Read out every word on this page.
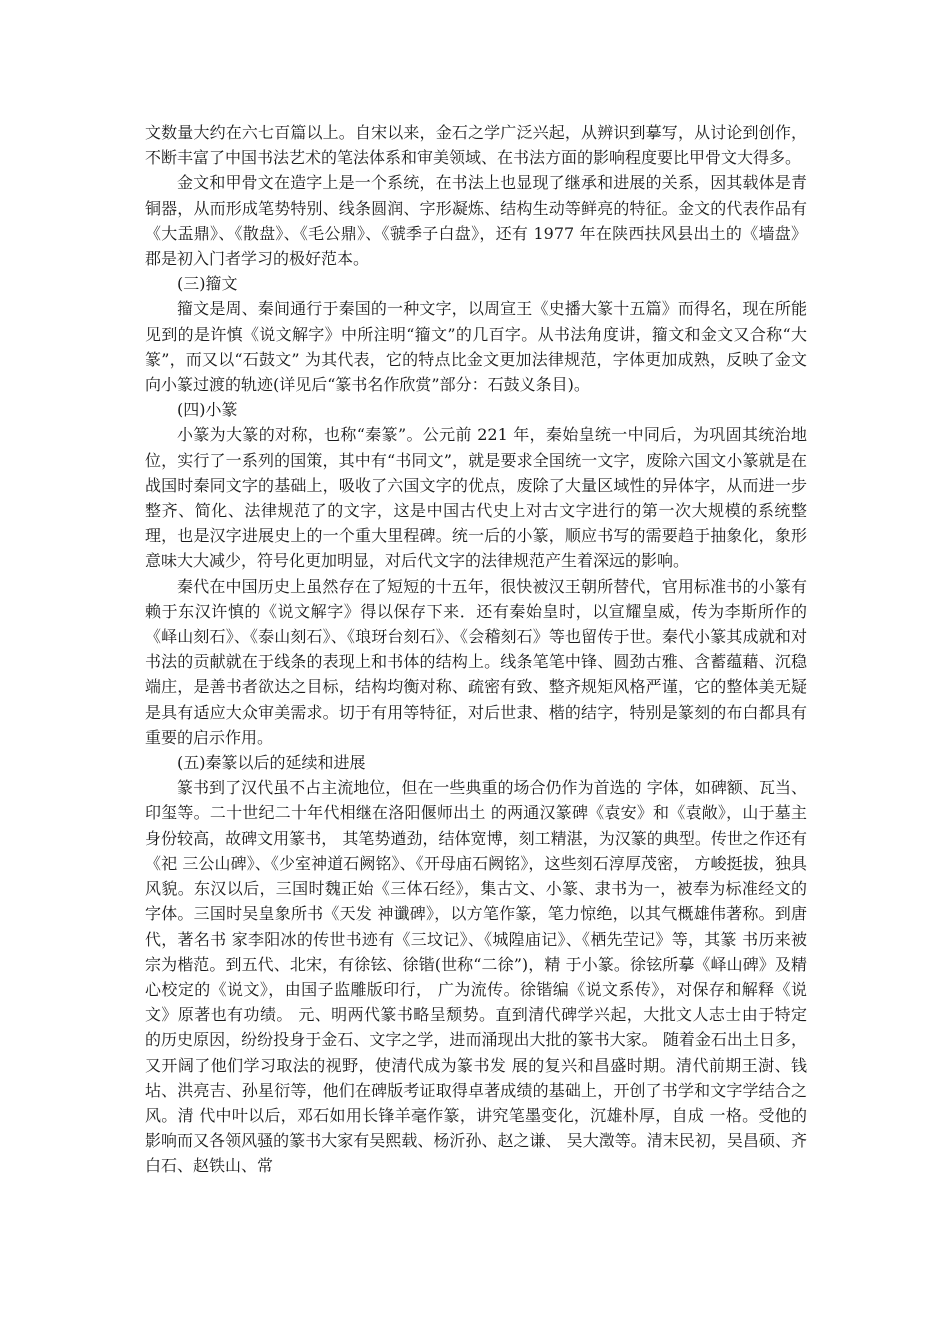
文数量大约在六七百篇以上。自宋以来，金石之学广泛兴起，从辨识到摹写，从讨论到创作，不断丰富了中国书法艺术的笔法体系和审美领域、在书法方面的影响程度要比甲骨文大得多。

金文和甲骨文在造字上是一个系统，在书法上也显现了继承和进展的关系，因其载体是青铜器，从而形成笔势特别、线条圆润、字形凝炼、结构生动等鲜亮的特征。金文的代表作品有《大盂鼎》、《散盘》、《毛公鼎》、《虢季子白盘》，还有 1977 年在陕西扶风县出土的《墙盘》郡是初入门者学习的极好范本。

(三)籀文

籀文是周、秦间通行于秦国的一种文字，以周宣王《史播大篆十五篇》而得名，现在所能见到的是许慎《说文解字》中所注明“籀文”的几百字。从书法角度讲，籀文和金文又合称“大篆”，而又以“石鼓文” 为其代表，它的特点比金文更加法律规范，字体更加成熟，反映了金文向小篆过渡的轨迹(详见后“篆书名作欣赏”部分：石鼓义条目)。

(四)小篆

小篆为大篆的对称，也称“秦篆”。公元前 221 年，秦始皇统一中同后，为巩固其统治地位，实行了一系列的国策，其中有“书同文”，就是要求全国统一文字，废除六国文小篆就是在战国时秦同文字的基础上，吸收了六国文字的优点，废除了大量区域性的异体字，从而进一步整齐、简化、法律规范了的文字，这是中国古代史上对古文字进行的第一次大规模的系统整理，也是汉字进展史上的一个重大里程碑。统一后的小篆，顺应书写的需要趋于抽象化，象形意味大大减少，符号化更加明显，对后代文字的法律规范产生着深远的影响。

秦代在中国历史上虽然存在了短短的十五年，很快被汉王朝所替代，官用标准书的小篆有赖于东汉许慎的《说文解字》得以保存下来．还有秦始皇时，以宣耀皇威，传为李斯所作的《峄山刻石》、《泰山刻石》、《琅玡台刻石》、《会稽刻石》等也留传于世。秦代小篆其成就和对书法的贡献就在于线条的表现上和书体的结构上。线条笔笔中锋、圆劲古雅、含蓄蕴藉、沉稳端庄，是善书者欲达之目标，结构均衡对称、疏密有致、整齐规矩风格严谨，它的整体美无疑是具有适应大众审美需求。切于有用等特征，对后世隶、楷的结字，特别是篆刻的布白都具有重要的启示作用。

(五)秦篆以后的延续和进展

篆书到了汉代虽不占主流地位，但在一些典重的场合仍作为首选的 字体，如碑额、瓦当、印玺等。二十世纪二十年代相继在洛阳偃师出土 的两通汉篆碑《袁安》和《袁敞》，山于墓主身份较高，故碑文用篆书， 其笔势遒劲，结体宽博，刻工精湛，为汉篆的典型。传世之作还有《祀 三公山碑》、《少室神道石阙铭》、《开母庙石阙铭》，这些刻石淳厚茂密， 方峻挺拔，独具风貌。东汉以后，三国时魏正始《三体石经》，集古文、小篆、隶书为一，被奉为标准经文的字体。三国时吴皇象所书《天发 神谶碑》，以方笔作篆，笔力惊绝，以其气概雄伟著称。到唐代，著名书 家李阳冰的传世书迹有《三坟记》、《城隍庙记》、《栖先茔记》等，其篆 书历来被宗为楷范。到五代、北宋，有徐铉、徐锴(世称“二徐”)，精 于小篆。徐铉所摹《峄山碑》及精心校定的《说文》，由国子监雕版印行， 广为流传。徐锴编《说文系传》，对保存和解释《说文》原著也有功绩。 元、明两代篆书略呈颓势。直到清代碑学兴起，大批文人志士由于特定 的历史原因，纷纷投身于金石、文字之学，进而涌现出大批的篆书大家。 随着金石出土日多，又开阔了他们学习取法的视野，使清代成为篆书发 展的复兴和昌盛时期。清代前期王澍、钱坫、洪亮吉、孙星衍等，他们在碑版考证取得卓著成绩的基础上，开创了书学和文字学结合之风。清 代中叶以后，邓石如用长锋羊毫作篆，讲究笔墨变化，沉雄朴厚，自成 一格。受他的影响而又各领风骚的篆书大家有吴熙载、杨沂孙、赵之谦、 吴大澂等。清末民初，吴昌硕、齐白石、赵铁山、常
